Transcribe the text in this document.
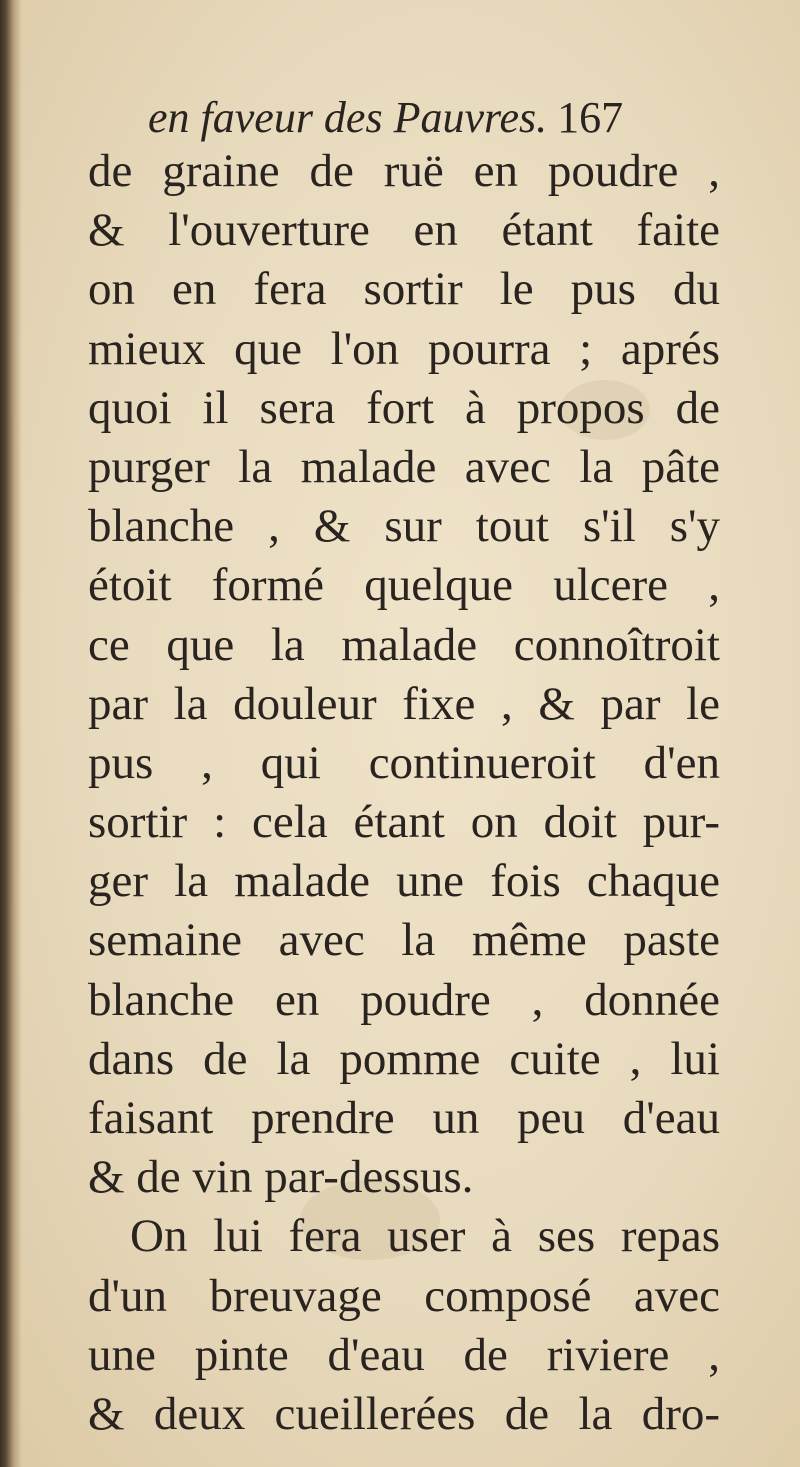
en faveur des Pauvres. 167
de graine de ruë en poudre ,
& l'ouverture en étant faite
on en fera sortir le pus du
mieux que l'on pourra ; aprés
quoi il sera fort à propos de
purger la malade avec la pâte
blanche , & sur tout s'il s'y
étoit formé quelque ulcere ,
ce que la malade connoîtroit
par la douleur fixe , & par le
pus , qui continueroit d'en
sortir : cela étant on doit pur-
ger la malade une fois chaque
semaine avec la même paste
blanche en poudre , donnée
dans de la pomme cuite , lui
faisant prendre un peu d'eau
& de vin par-dessus.
On lui fera user à ses repas
d'un breuvage composé avec
une pinte d'eau de riviere ,
& deux cueillerées de la dro-
